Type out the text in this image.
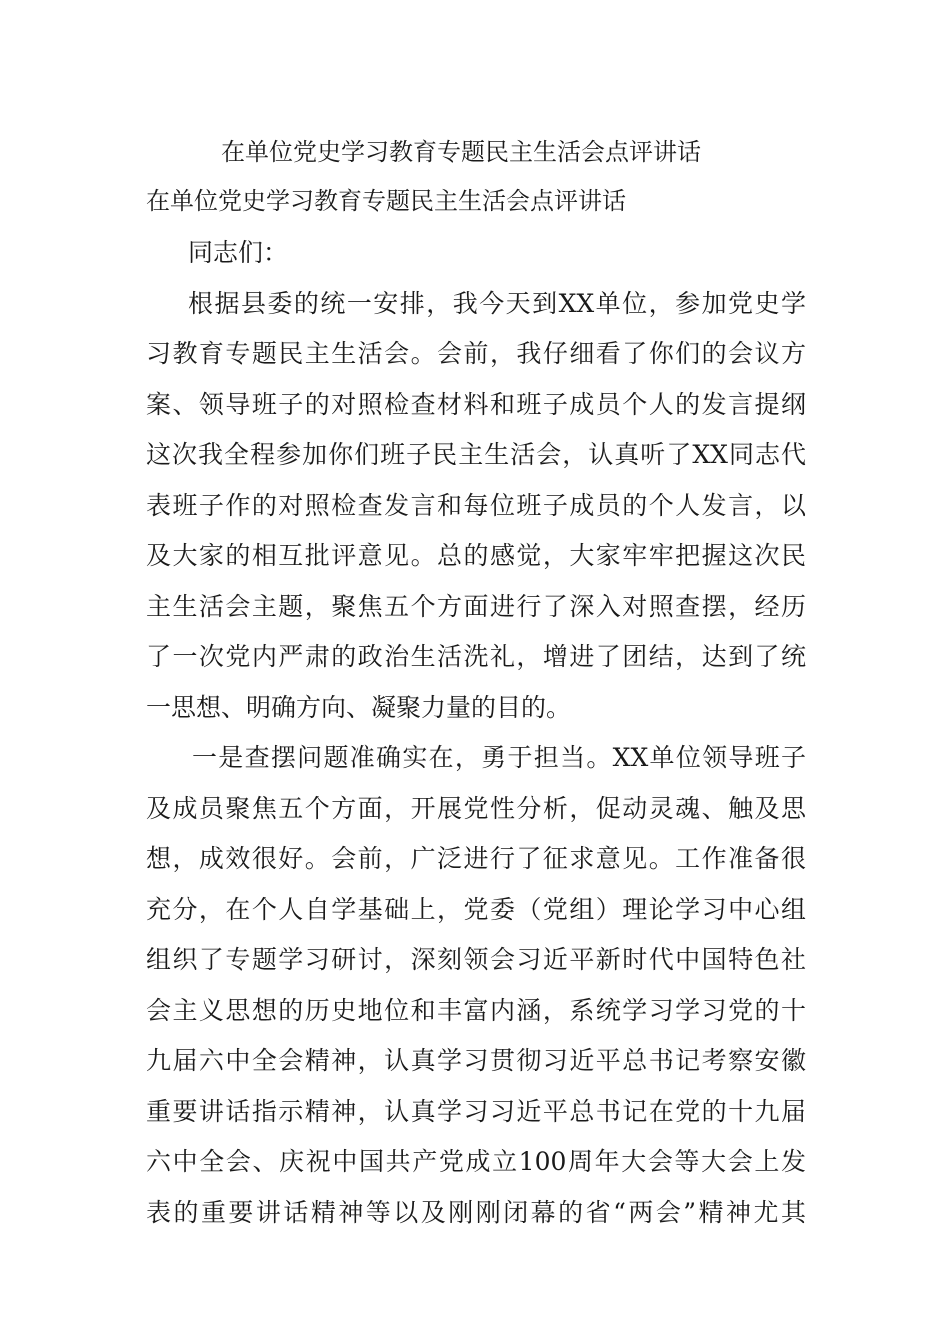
在单位党史学习教育专题民主生活会点评讲话
在单位党史学习教育专题民主生活会点评讲话
同志们：
根据县委的统一安排，我今天到XX单位，参加党史学
习教育专题民主生活会。会前，我仔细看了你们的会议方
案、领导班子的对照检查材料和班子成员个人的发言提纲
这次我全程参加你们班子民主生活会，认真听了XX同志代
表班子作的对照检查发言和每位班子成员的个人发言，以
及大家的相互批评意见。总的感觉，大家牢牢把握这次民
主生活会主题，聚焦五个方面进行了深入对照查摆，经历
了一次党内严肃的政治生活洗礼，增进了团结，达到了统
一思想、明确方向、凝聚力量的目的。
一是查摆问题准确实在，勇于担当。XX单位领导班子
及成员聚焦五个方面，开展党性分析，促动灵魂、触及思
想，成效很好。会前，广泛进行了征求意见。工作准备很
充分，在个人自学基础上，党委（党组）理论学习中心组
组织了专题学习研讨，深刻领会习近平新时代中国特色社
会主义思想的历史地位和丰富内涵，系统学习学习党的十
九届六中全会精神，认真学习贯彻习近平总书记考察安徽
重要讲话指示精神，认真学习习近平总书记在党的十九届
六中全会、庆祝中国共产党成立100周年大会等大会上发
表的重要讲话精神等以及刚刚闭幕的省“两会”精神尤其
